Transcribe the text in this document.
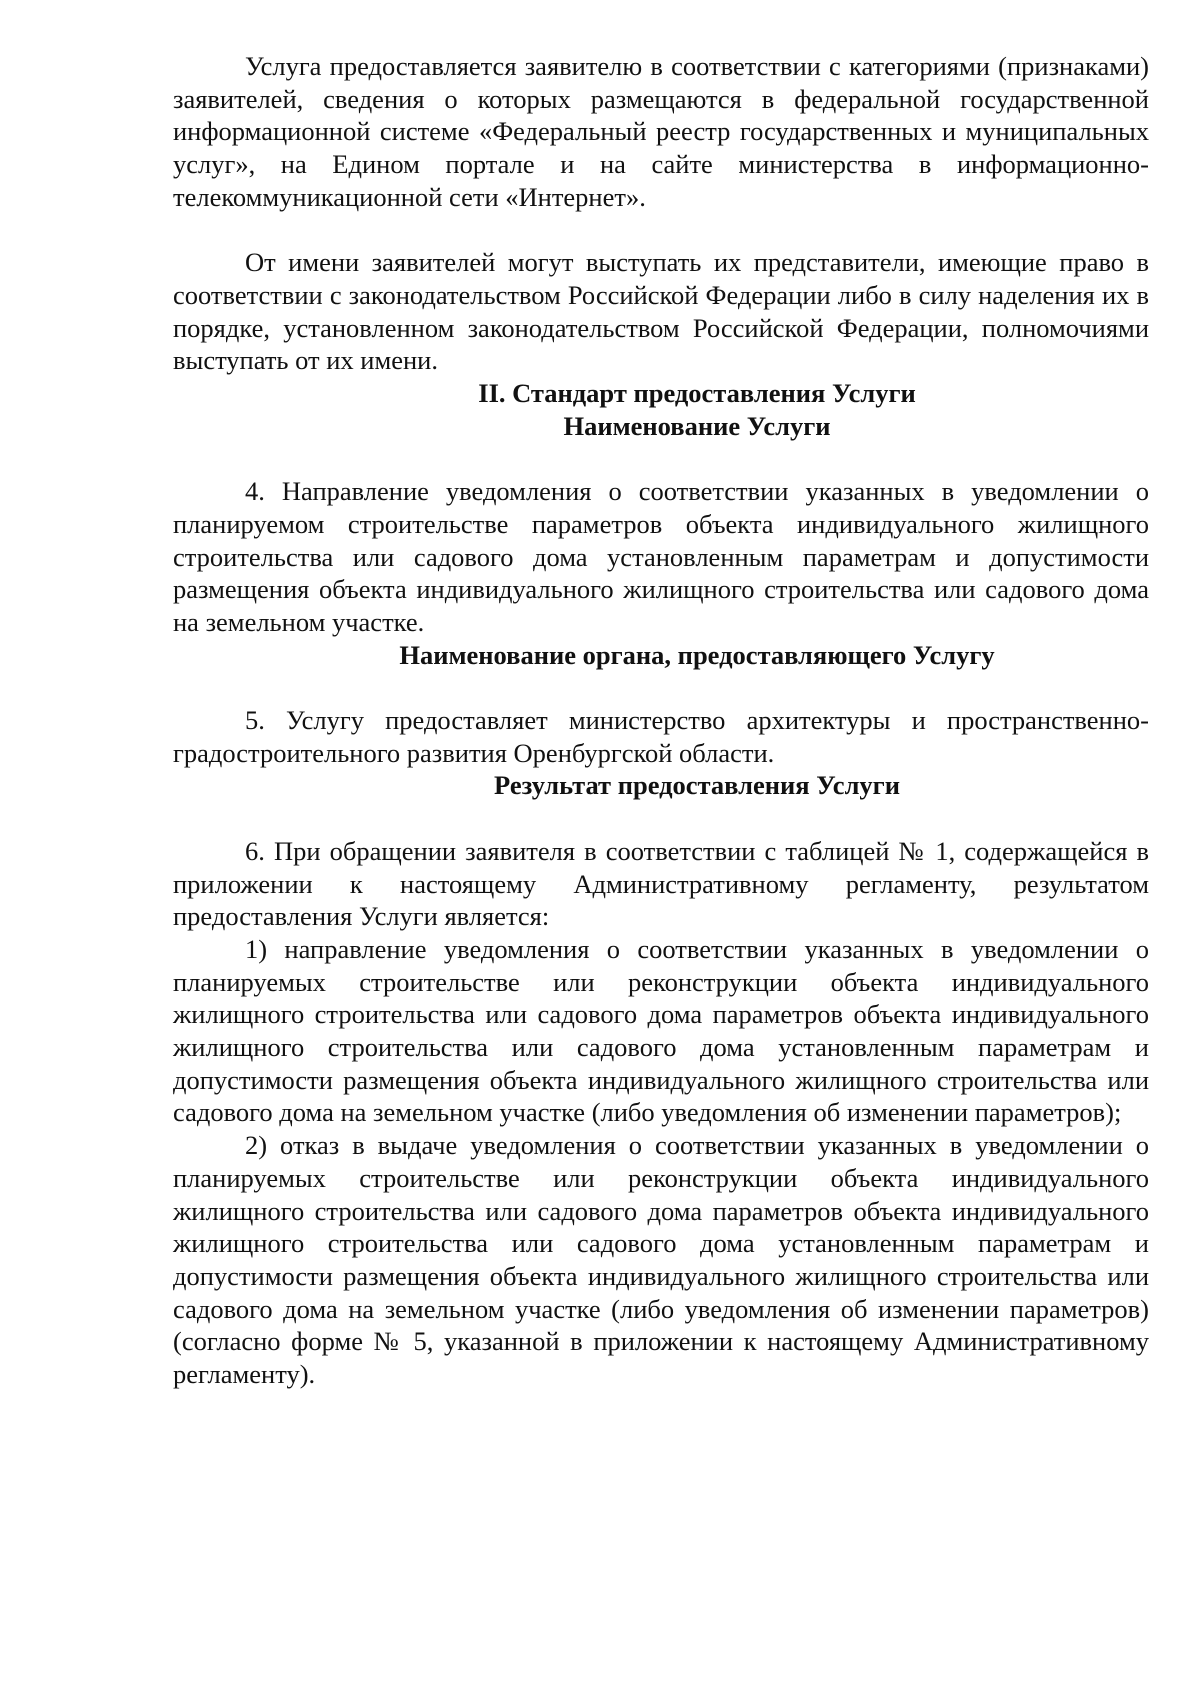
Услуга предоставляется заявителю в соответствии с категориями (признаками) заявителей, сведения о которых размещаются в федеральной государственной информационной системе «Федеральный реестр государственных и муниципальных услуг», на Едином портале и на сайте министерства в информационно-телекоммуникационной сети «Интернет».

От имени заявителей могут выступать их представители, имеющие право в соответствии с законодательством Российской Федерации либо в силу наделения их в порядке, установленном законодательством Российской Федерации, полномочиями выступать от их имени.

II. Стандарт предоставления Услуги

Наименование Услуги

4. Направление уведомления о соответствии указанных в уведомлении о планируемом строительстве параметров объекта индивидуального жилищного строительства или садового дома установленным параметрам и допустимости размещения объекта индивидуального жилищного строительства или садового дома на земельном участке.

Наименование органа, предоставляющего Услугу

5. Услугу предоставляет министерство архитектуры и пространственно-градостроительного развития Оренбургской области.

Результат предоставления Услуги

6. При обращении заявителя в соответствии с таблицей № 1, содержащейся в приложении к настоящему Административному регламенту, результатом предоставления Услуги является:

1) направление уведомления о соответствии указанных в уведомлении о планируемых строительстве или реконструкции объекта индивидуального жилищного строительства или садового дома параметров объекта индивидуального жилищного строительства или садового дома установленным параметрам и допустимости размещения объекта индивидуального жилищного строительства или садового дома на земельном участке (либо уведомления об изменении параметров);

2) отказ в выдаче уведомления о соответствии указанных в уведомлении о планируемых строительстве или реконструкции объекта индивидуального жилищного строительства или садового дома параметров объекта индивидуального жилищного строительства или садового дома установленным параметрам и допустимости размещения объекта индивидуального жилищного строительства или садового дома на земельном участке (либо уведомления об изменении параметров) (согласно форме № 5, указанной в приложении к настоящему Административному регламенту).
